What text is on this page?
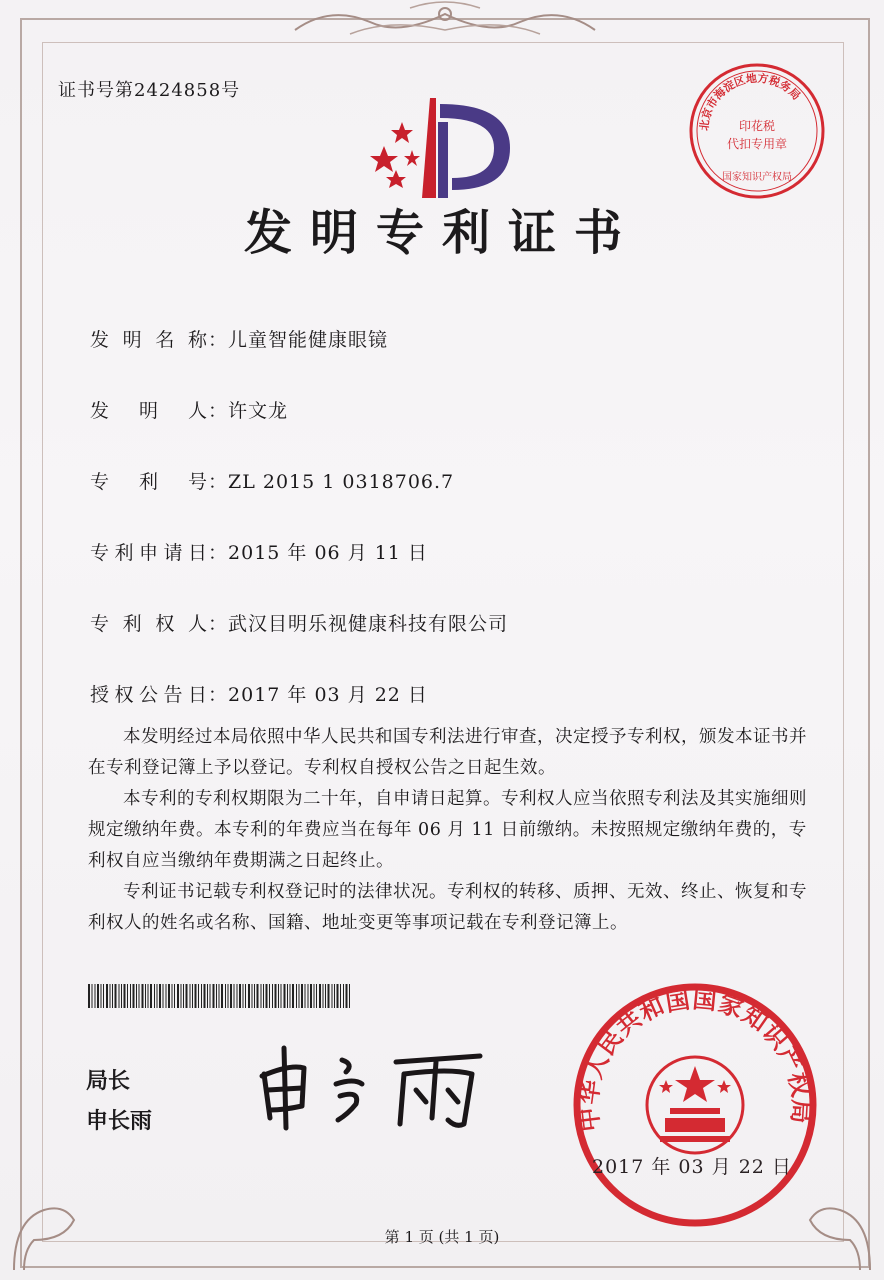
证书号第2424858号
北京市海淀区地方税务局
印花税
代扣专用章
国家知识产权局
发明专利证书
发明名称：儿童智能健康眼镜
发明人：许文龙
专利号：ZL 2015 1 0318706.7
专利申请日：2015 年 06 月 11 日
专利权人：武汉目明乐视健康科技有限公司
授权公告日：2017 年 03 月 22 日
本发明经过本局依照中华人民共和国专利法进行审查，决定授予专利权，颁发本证书并在专利登记簿上予以登记。专利权自授权公告之日起生效。
本专利的专利权期限为二十年，自申请日起算。专利权人应当依照专利法及其实施细则规定缴纳年费。本专利的年费应当在每年 06 月 11 日前缴纳。未按照规定缴纳年费的，专利权自应当缴纳年费期满之日起终止。
专利证书记载专利权登记时的法律状况。专利权的转移、质押、无效、终止、恢复和专利权人的姓名或名称、国籍、地址变更等事项记载在专利登记簿上。
局长
申长雨	中华人民共和国国家知识产权局
2017 年 03 月 22 日
第 1 页 (共 1 页)
